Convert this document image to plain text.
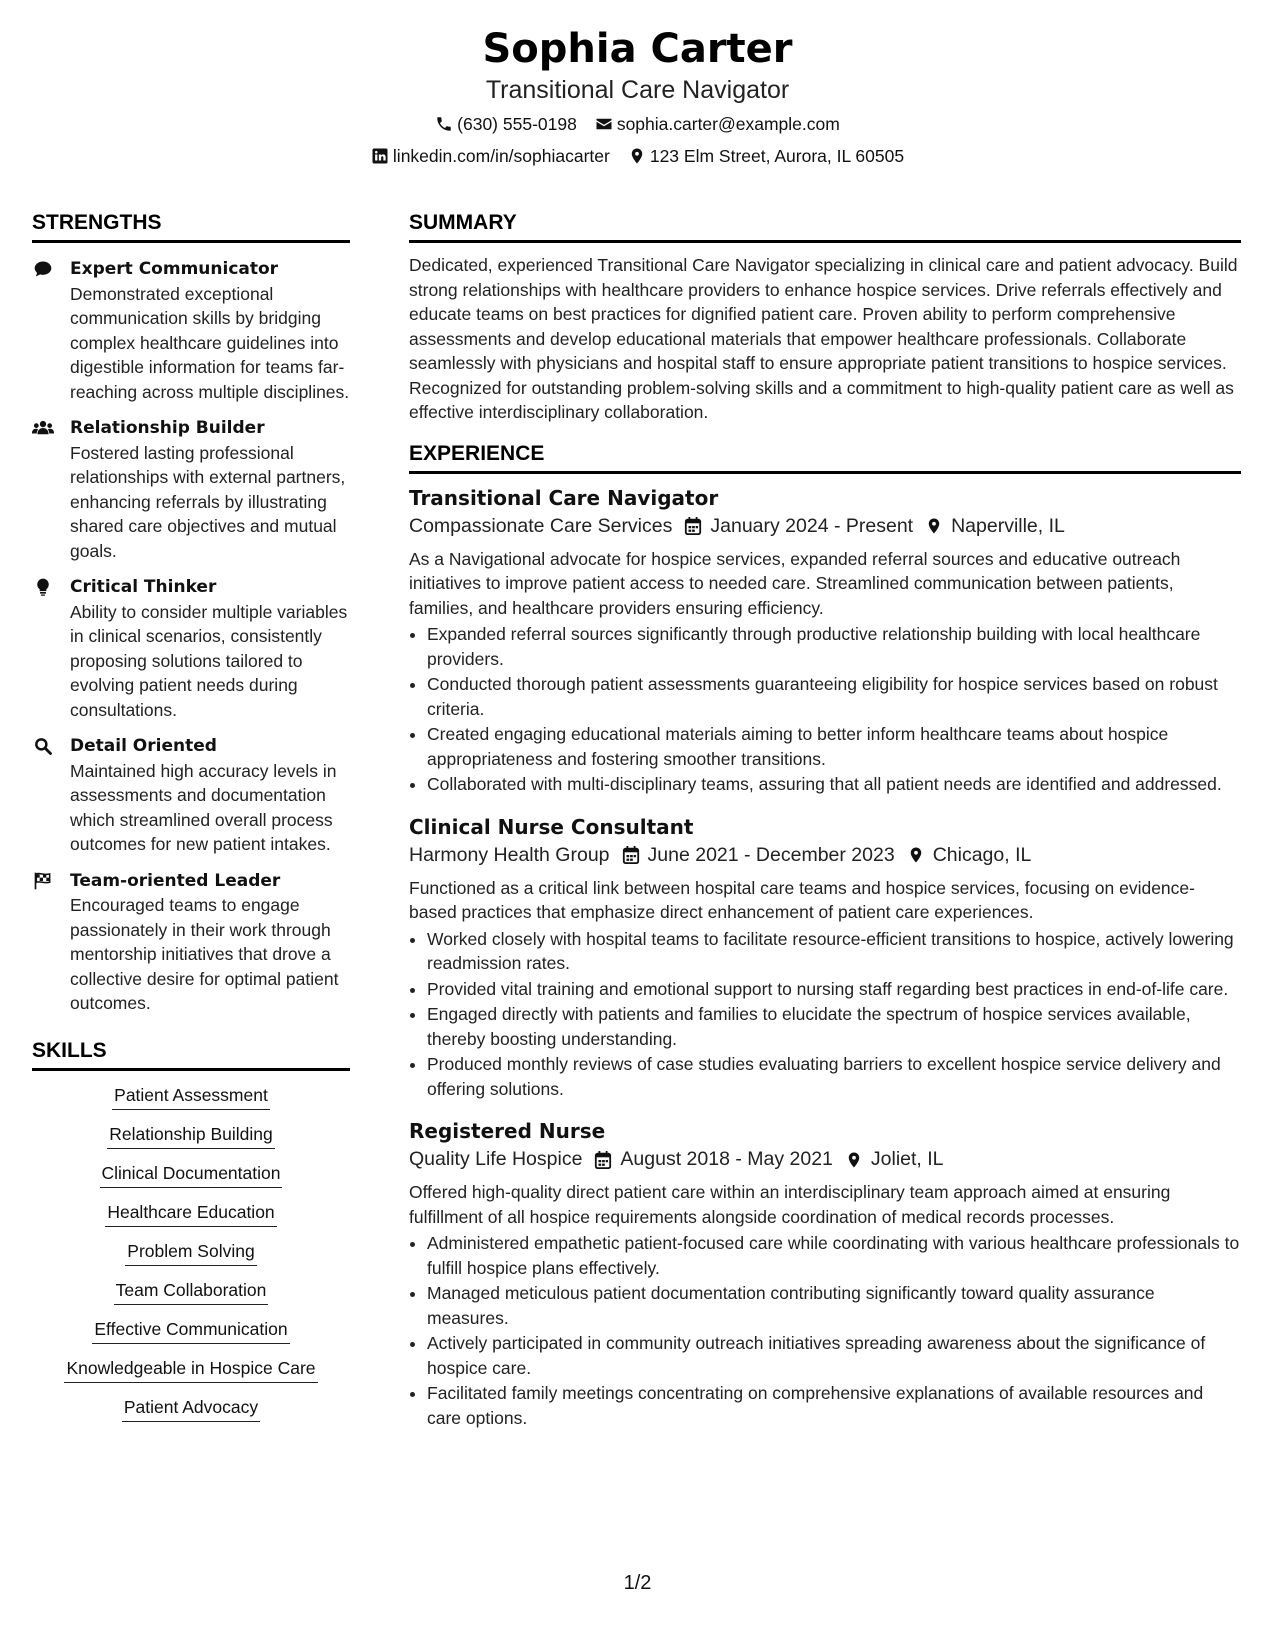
Sophia Carter
Transitional Care Navigator
(630) 555-0198 sophia.carter@example.com
linkedin.com/in/sophiacarter 123 Elm Street, Aurora, IL 60505
STRENGTHS
Expert Communicator
Demonstrated exceptional communication skills by bridging complex healthcare guidelines into digestible information for teams far-reaching across multiple disciplines.
Relationship Builder
Fostered lasting professional relationships with external partners, enhancing referrals by illustrating shared care objectives and mutual goals.
Critical Thinker
Ability to consider multiple variables in clinical scenarios, consistently proposing solutions tailored to evolving patient needs during consultations.
Detail Oriented
Maintained high accuracy levels in assessments and documentation which streamlined overall process outcomes for new patient intakes.
Team-oriented Leader
Encouraged teams to engage passionately in their work through mentorship initiatives that drove a collective desire for optimal patient outcomes.
SKILLS
Patient Assessment
Relationship Building
Clinical Documentation
Healthcare Education
Problem Solving
Team Collaboration
Effective Communication
Knowledgeable in Hospice Care
Patient Advocacy
SUMMARY
Dedicated, experienced Transitional Care Navigator specializing in clinical care and patient advocacy. Build strong relationships with healthcare providers to enhance hospice services. Drive referrals effectively and educate teams on best practices for dignified patient care. Proven ability to perform comprehensive assessments and develop educational materials that empower healthcare professionals. Collaborate seamlessly with physicians and hospital staff to ensure appropriate patient transitions to hospice services. Recognized for outstanding problem-solving skills and a commitment to high-quality patient care as well as effective interdisciplinary collaboration.
EXPERIENCE
Transitional Care Navigator
Compassionate Care Services January 2024 - Present Naperville, IL
As a Navigational advocate for hospice services, expanded referral sources and educative outreach initiatives to improve patient access to needed care. Streamlined communication between patients, families, and healthcare providers ensuring efficiency.
• Expanded referral sources significantly through productive relationship building with local healthcare providers.
• Conducted thorough patient assessments guaranteeing eligibility for hospice services based on robust criteria.
• Created engaging educational materials aiming to better inform healthcare teams about hospice appropriateness and fostering smoother transitions.
• Collaborated with multi-disciplinary teams, assuring that all patient needs are identified and addressed.
Clinical Nurse Consultant
Harmony Health Group June 2021 - December 2023 Chicago, IL
Functioned as a critical link between hospital care teams and hospice services, focusing on evidence-based practices that emphasize direct enhancement of patient care experiences.
• Worked closely with hospital teams to facilitate resource-efficient transitions to hospice, actively lowering readmission rates.
• Provided vital training and emotional support to nursing staff regarding best practices in end-of-life care.
• Engaged directly with patients and families to elucidate the spectrum of hospice services available, thereby boosting understanding.
• Produced monthly reviews of case studies evaluating barriers to excellent hospice service delivery and offering solutions.
Registered Nurse
Quality Life Hospice August 2018 - May 2021 Joliet, IL
Offered high-quality direct patient care within an interdisciplinary team approach aimed at ensuring fulfillment of all hospice requirements alongside coordination of medical records processes.
• Administered empathetic patient-focused care while coordinating with various healthcare professionals to fulfill hospice plans effectively.
• Managed meticulous patient documentation contributing significantly toward quality assurance measures.
• Actively participated in community outreach initiatives spreading awareness about the significance of hospice care.
• Facilitated family meetings concentrating on comprehensive explanations of available resources and care options.
1/2
